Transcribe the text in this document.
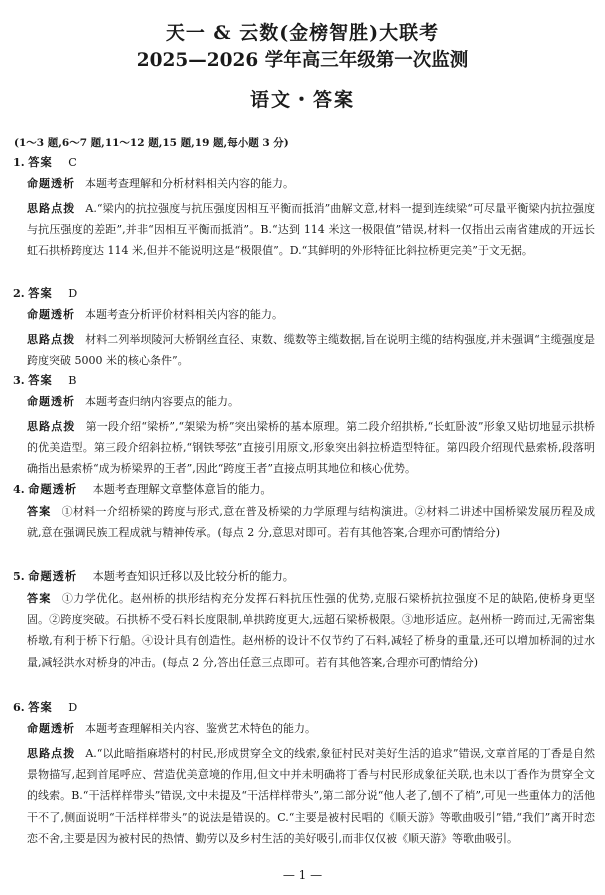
天一 & 云数(金榜智胜)大联考
2025—2026 学年高三年级第一次监测
语文・答案
(1～3 题,6～7 题,11～12 题,15 题,19 题,每小题 3 分)
1. 答案 C
命题透析 本题考查理解和分析材料相关内容的能力。
思路点拨 A.“梁内的抗拉强度与抗压强度因相互平衡而抵消”曲解文意,材料一提到连续梁“可尽量平衡梁内抗拉强度与抗压强度的差距”,并非“因相互平衡而抵消”。B.“达到 114 米这一极限值”错误,材料一仅指出云南省建成的开远长虹石拱桥跨度达 114 米,但并不能说明这是“极限值”。D.“其鲜明的外形特征比斜拉桥更完美”于文无据。
2. 答案 D
命题透析 本题考查分析评价材料相关内容的能力。
思路点拨 材料二列举坝陵河大桥钢丝直径、束数、缆数等主缆数据,旨在说明主缆的结构强度,并未强调“主缆强度是跨度突破 5000 米的核心条件”。
3. 答案 B
命题透析 本题考查归纳内容要点的能力。
思路点拨 第一段介绍“梁桥”,“架梁为桥”突出梁桥的基本原理。第二段介绍拱桥,“长虹卧波”形象又贴切地显示拱桥的优美造型。第三段介绍斜拉桥,“钢铁琴弦”直接引用原文,形象突出斜拉桥造型特征。第四段介绍现代悬索桥,段落明确指出悬索桥“成为桥梁界的王者”,因此“跨度王者”直接点明其地位和核心优势。
4. 命题透析 本题考查理解文章整体意旨的能力。
答案 ①材料一介绍桥梁的跨度与形式,意在普及桥梁的力学原理与结构演进。②材料二讲述中国桥梁发展历程及成就,意在强调民族工程成就与精神传承。(每点 2 分,意思对即可。若有其他答案,合理亦可酌情给分)
5. 命题透析 本题考查知识迁移以及比较分析的能力。
答案 ①力学优化。赵州桥的拱形结构充分发挥石料抗压性强的优势,克服石梁桥抗拉强度不足的缺陷,使桥身更坚固。②跨度突破。石拱桥不受石料长度限制,单拱跨度更大,远超石梁桥极限。③地形适应。赵州桥一跨而过,无需密集桥墩,有利于桥下行船。④设计具有创造性。赵州桥的设计不仅节约了石料,减轻了桥身的重量,还可以增加桥洞的过水量,减轻洪水对桥身的冲击。(每点 2 分,答出任意三点即可。若有其他答案,合理亦可酌情给分)
6. 答案 D
命题透析 本题考查理解相关内容、鉴赏艺术特色的能力。
思路点拨 A.“以此暗指麻塔村的村民,形成贯穿全文的线索,象征村民对美好生活的追求”错误,文章首尾的丁香是自然景物描写,起到首尾呼应、营造优美意境的作用,但文中并未明确将丁香与村民形成象征关联,也未以丁香作为贯穿全文的线索。B.“干活样样带头”错误,文中未提及“干活样样带头”,第二部分说“他人老了,刨不了梢”,可见一些重体力的活他干不了,侧面说明“干活样样带头”的说法是错误的。C.“主要是被村民唱的《顺天游》等歌曲吸引”错,“我们”离开时恋恋不舍,主要是因为被村民的热情、勤劳以及乡村生活的美好吸引,而非仅仅被《顺天游》等歌曲吸引。
— 1 —
